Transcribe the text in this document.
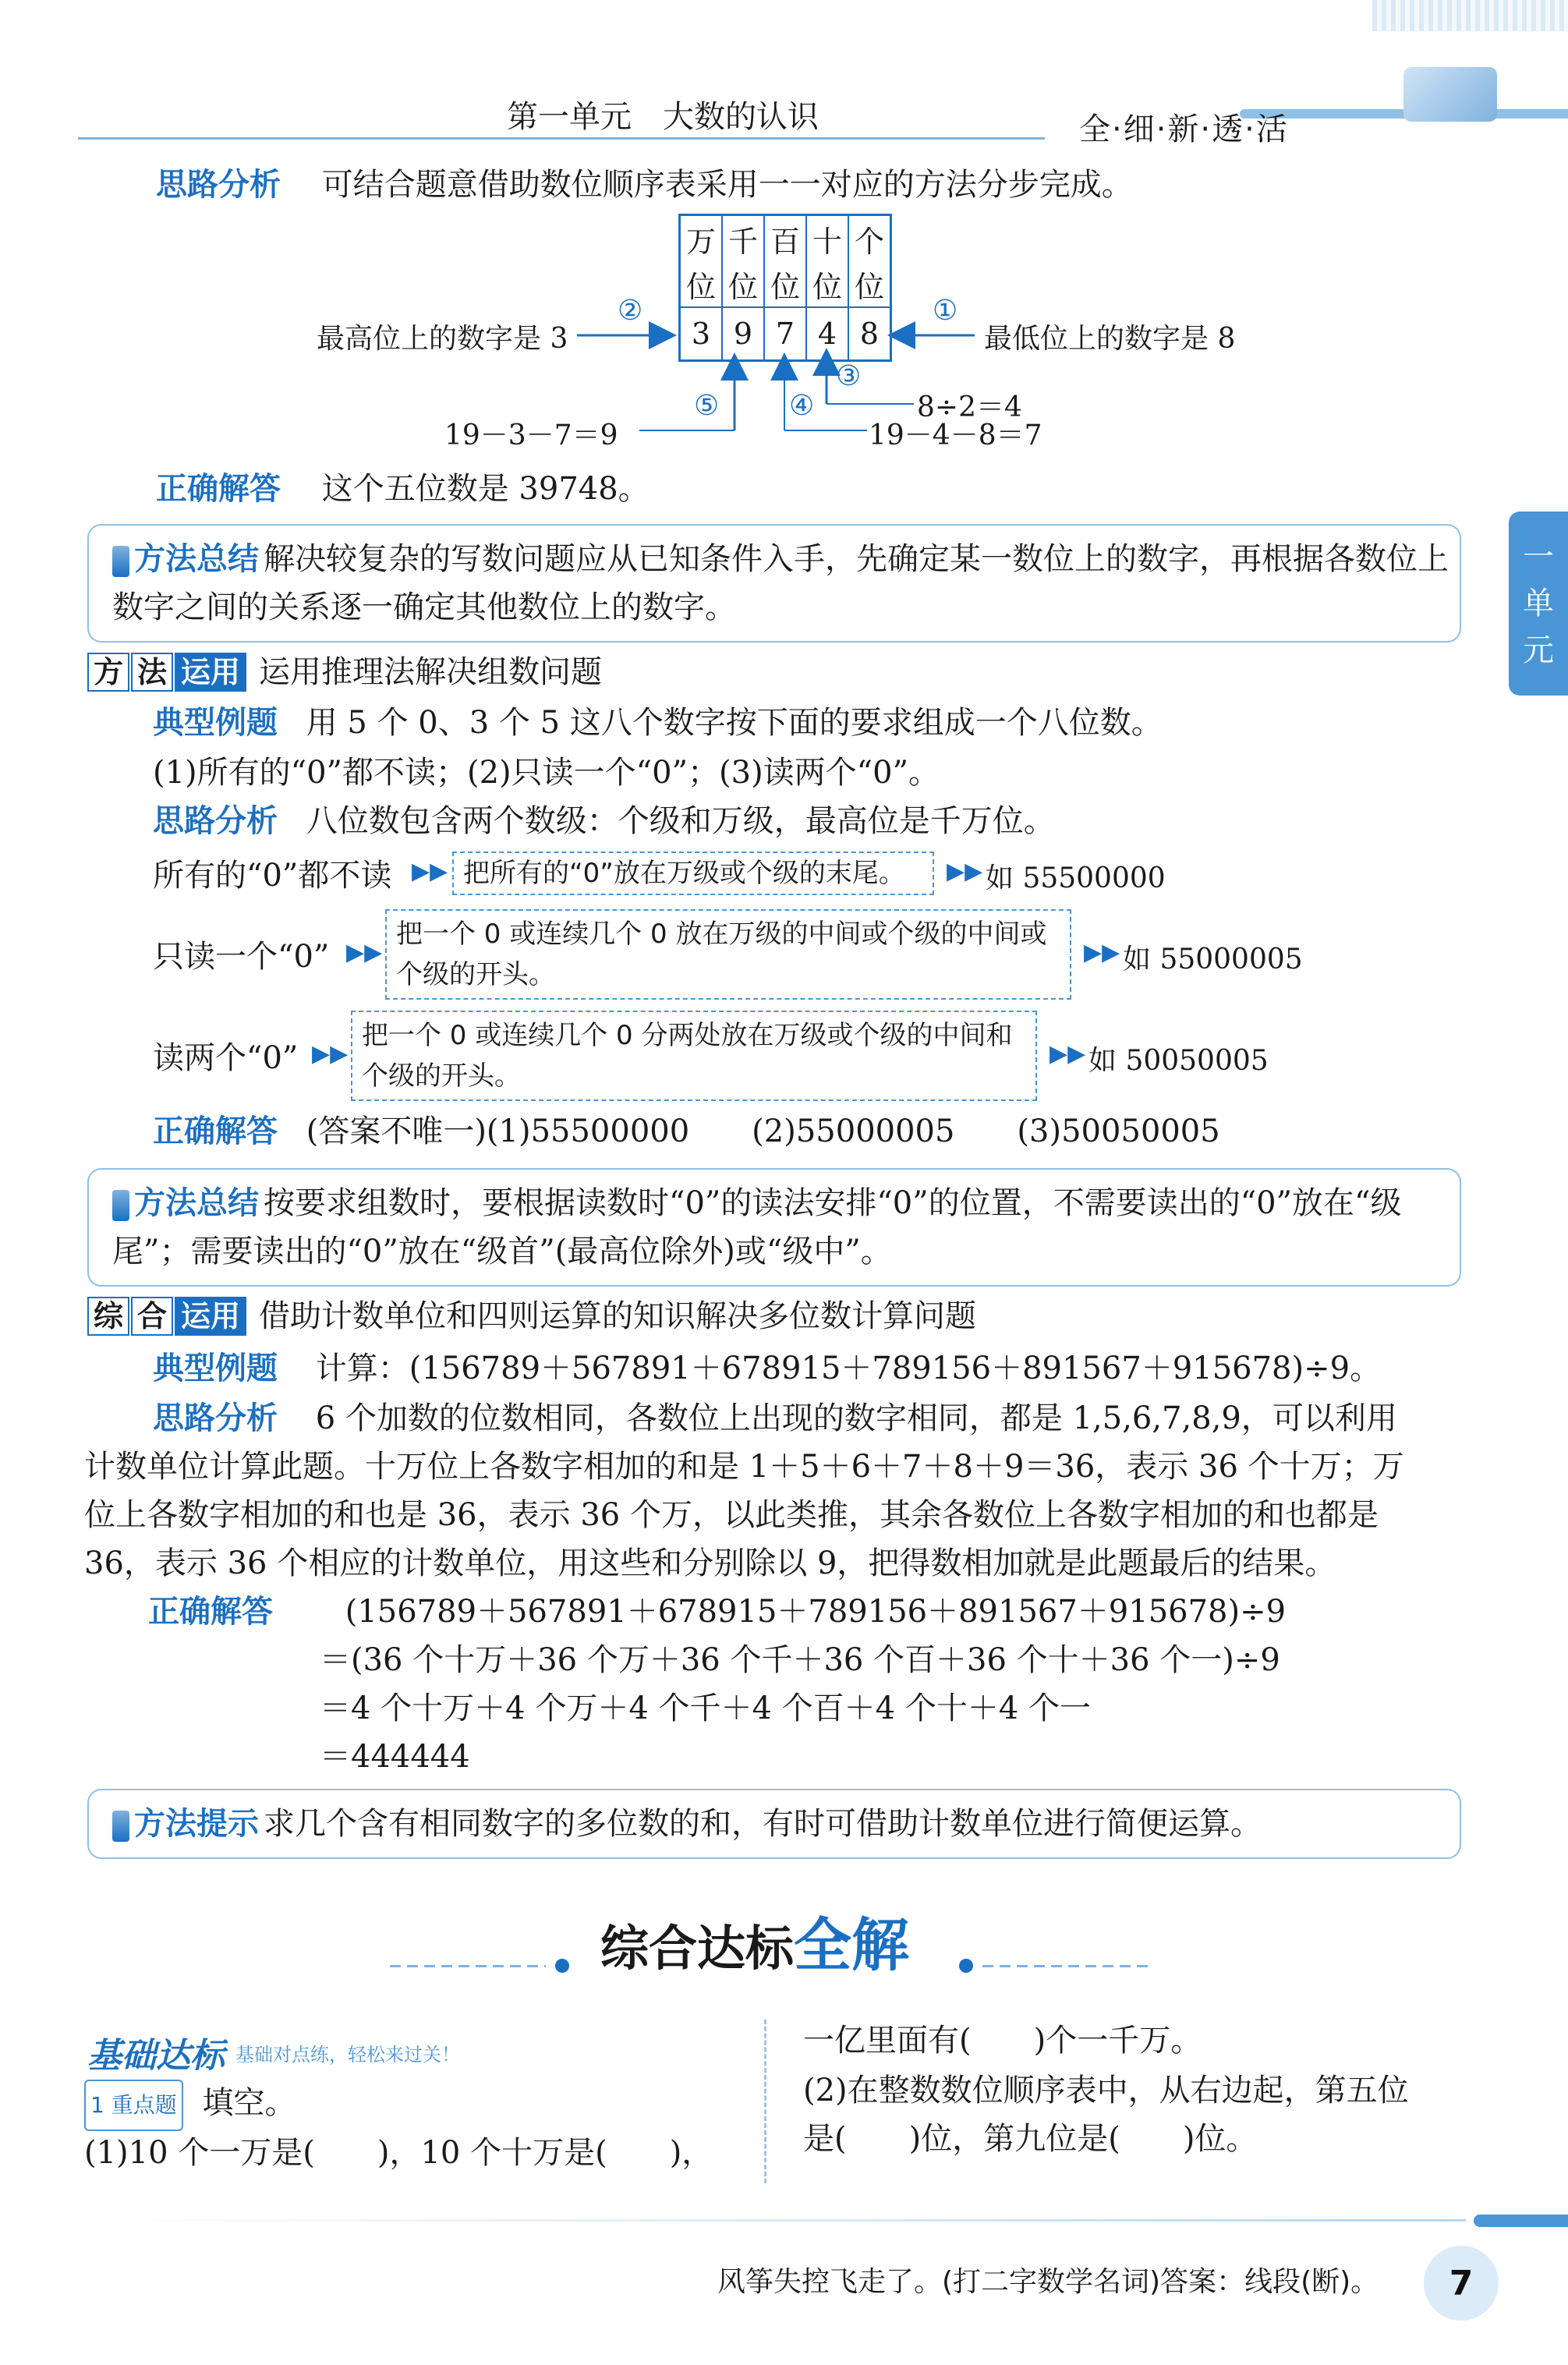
第一单元　大数的认识	全·细·新·透·活
一
单
元
思路分析 可结合题意借助数位顺序表采用一一对应的方法分步完成。
万	千	百	十	个
位	位	位	位	位
3	9	7	4	8
最高位上的数字是 3
②	①
最低位上的数字是 8
③
8÷2＝4
④
19－4－8＝7
⑤
19－3－7＝9
正确解答 这个五位数是 39748。
方法总结 解决较复杂的写数问题应从已知条件入手，先确定某一数位上的数字，再根据各数位上数字之间的关系逐一确定其他数位上的数字。
方 法 运用 运用推理法解决组数问题
典型例题 用 5 个 0、3 个 5 这八个数字按下面的要求组成一个八位数。
(1)所有的“0”都不读；(2)只读一个“0”；(3)读两个“0”。
思路分析 八位数包含两个数级：个级和万级，最高位是千万位。
所有的“0”都不读 ▶▶ 把所有的“0”放在万级或个级的末尾。	▶▶ 如 55500000
只读一个“0” ▶▶
把一个 0 或连续几个 0 放在万级的中间或个级的中间或个级的开头。
▶▶ 如 55000005
读两个“0” ▶▶
把一个 0 或连续几个 0 分两处放在万级或个级的中间和个级的开头。
▶▶ 如 50050005
正确解答 (答案不唯一)(1)55500000　　(2)55000005　　(3)50050005
方法总结 按要求组数时，要根据读数时“0”的读法安排“0”的位置，不需要读出的“0”放在“级尾”；需要读出的“0”放在“级首”(最高位除外)或“级中”。
综 合 运用 借助计数单位和四则运算的知识解决多位数计算问题
典型例题 计算：(156789＋567891＋678915＋789156＋891567＋915678)÷9。
思路分析 6 个加数的位数相同，各数位上出现的数字相同，都是 1,5,6,7,8,9，可以利用
计数单位计算此题。十万位上各数字相加的和是 1＋5＋6＋7＋8＋9＝36，表示 36 个十万；万
位上各数字相加的和也是 36，表示 36 个万，以此类推，其余各数位上各数字相加的和也都是
36，表示 36 个相应的计数单位，用这些和分别除以 9，把得数相加就是此题最后的结果。
正确解答 (156789＋567891＋678915＋789156＋891567＋915678)÷9
＝(36 个十万＋36 个万＋36 个千＋36 个百＋36 个十＋36 个一)÷9
＝4 个十万＋4 个万＋4 个千＋4 个百＋4 个十＋4 个一
＝444444
方法提示 求几个含有相同数字的多位数的和，有时可借助计数单位进行简便运算。
综合达标全解
基础达标 基础对点练，轻松来过关！
1 重点题 填空。
(1)10 个一万是(　　)，10 个十万是(　　)，
一亿里面有(　　)个一千万。
(2)在整数数位顺序表中，从右边起，第五位
是(　　)位，第九位是(　　)位。
风筝失控飞走了。(打二字数学名词)答案：线段(断)。 7
